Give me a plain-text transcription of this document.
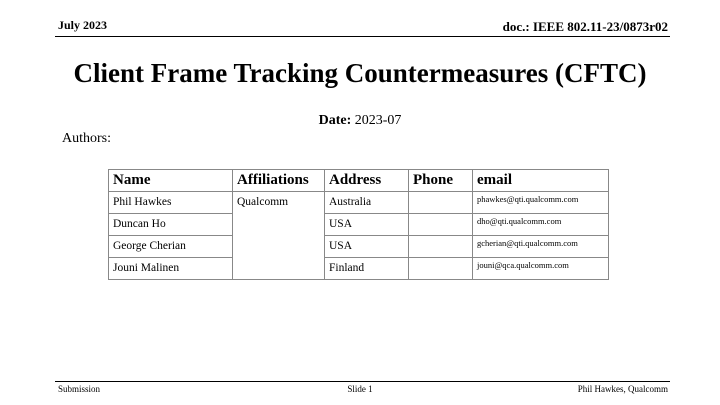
July 2023	doc.: IEEE 802.11-23/0873r02
Client Frame Tracking Countermeasures (CFTC)
Date: 2023-07
Authors:
Name	Affiliations	Address	Phone	email
Phil Hawkes	Qualcomm	Australia		phawkes@qti.qualcomm.com
Duncan Ho		USA		dho@qti.qualcomm.com
George Cherian		USA		gcherian@qti.qualcomm.com
Jouni Malinen		Finland		jouni@qca.qualcomm.com
Submission	Slide 1	Phil Hawkes, Qualcomm
